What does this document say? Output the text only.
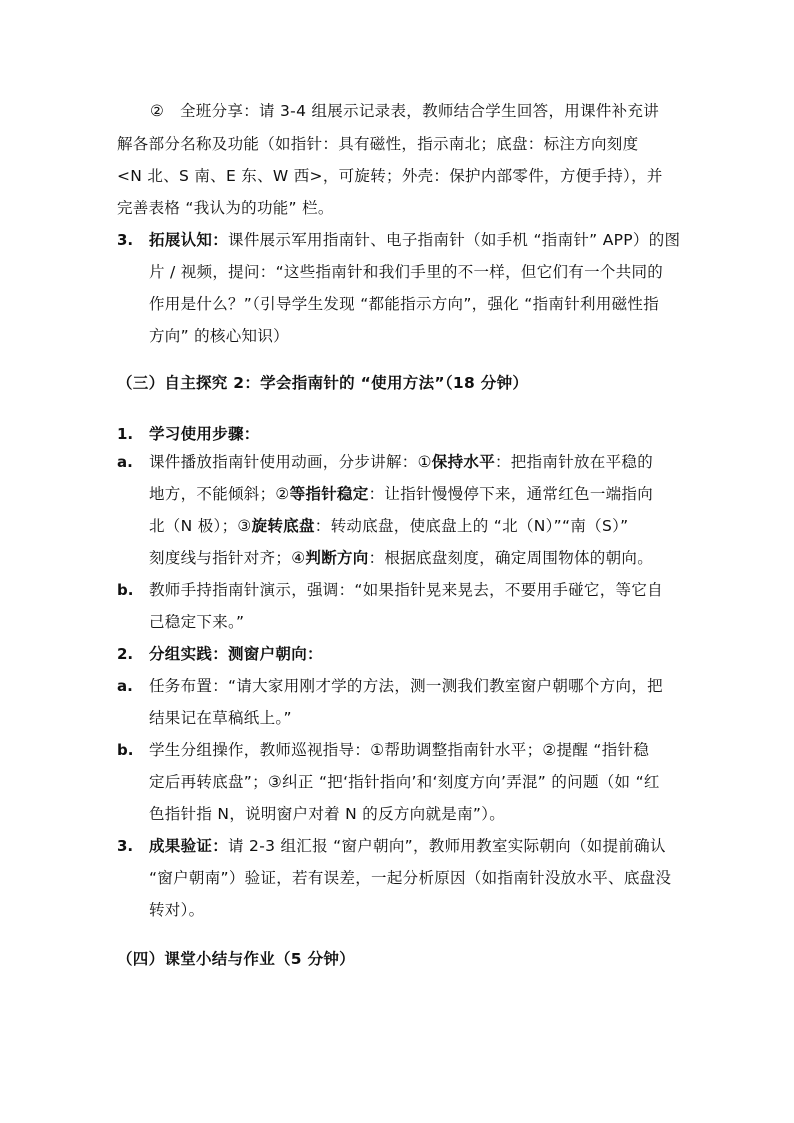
②　全班分享：请 3-4 组展示记录表，教师结合学生回答，用课件补充讲
解各部分名称及功能（如指针：具有磁性，指示南北；底盘：标注方向刻度
<N 北、S 南、E 东、W 西>，可旋转；外壳：保护内部零件，方便手持），并
完善表格 “我认为的功能” 栏。
3. 拓展认知：课件展示军用指南针、电子指南针（如手机 “指南针” APP）的图
片 / 视频，提问：“这些指南针和我们手里的不一样，但它们有一个共同的
作用是什么？”（引导学生发现 “都能指示方向”，强化 “指南针利用磁性指
方向” 的核心知识）
（三）自主探究 2：学会指南针的 “使用方法”（18 分钟）
1. 学习使用步骤：
a. 课件播放指南针使用动画，分步讲解：①保持水平：把指南针放在平稳的
地方，不能倾斜；②等指针稳定：让指针慢慢停下来，通常红色一端指向
北（N 极）；③旋转底盘：转动底盘，使底盘上的 “北（N）”“南（S）”
刻度线与指针对齐；④判断方向：根据底盘刻度，确定周围物体的朝向。
b. 教师手持指南针演示，强调：“如果指针晃来晃去，不要用手碰它，等它自
己稳定下来。”
2. 分组实践：测窗户朝向：
a. 任务布置：“请大家用刚才学的方法，测一测我们教室窗户朝哪个方向，把
结果记在草稿纸上。”
b. 学生分组操作，教师巡视指导：①帮助调整指南针水平；②提醒 “指针稳
定后再转底盘”；③纠正 “把‘指针指向’和‘刻度方向’弄混” 的问题（如 “红
色指针指 N，说明窗户对着 N 的反方向就是南”）。
3. 成果验证：请 2-3 组汇报 “窗户朝向”，教师用教室实际朝向（如提前确认
“窗户朝南”）验证，若有误差，一起分析原因（如指南针没放水平、底盘没
转对）。
（四）课堂小结与作业（5 分钟）
